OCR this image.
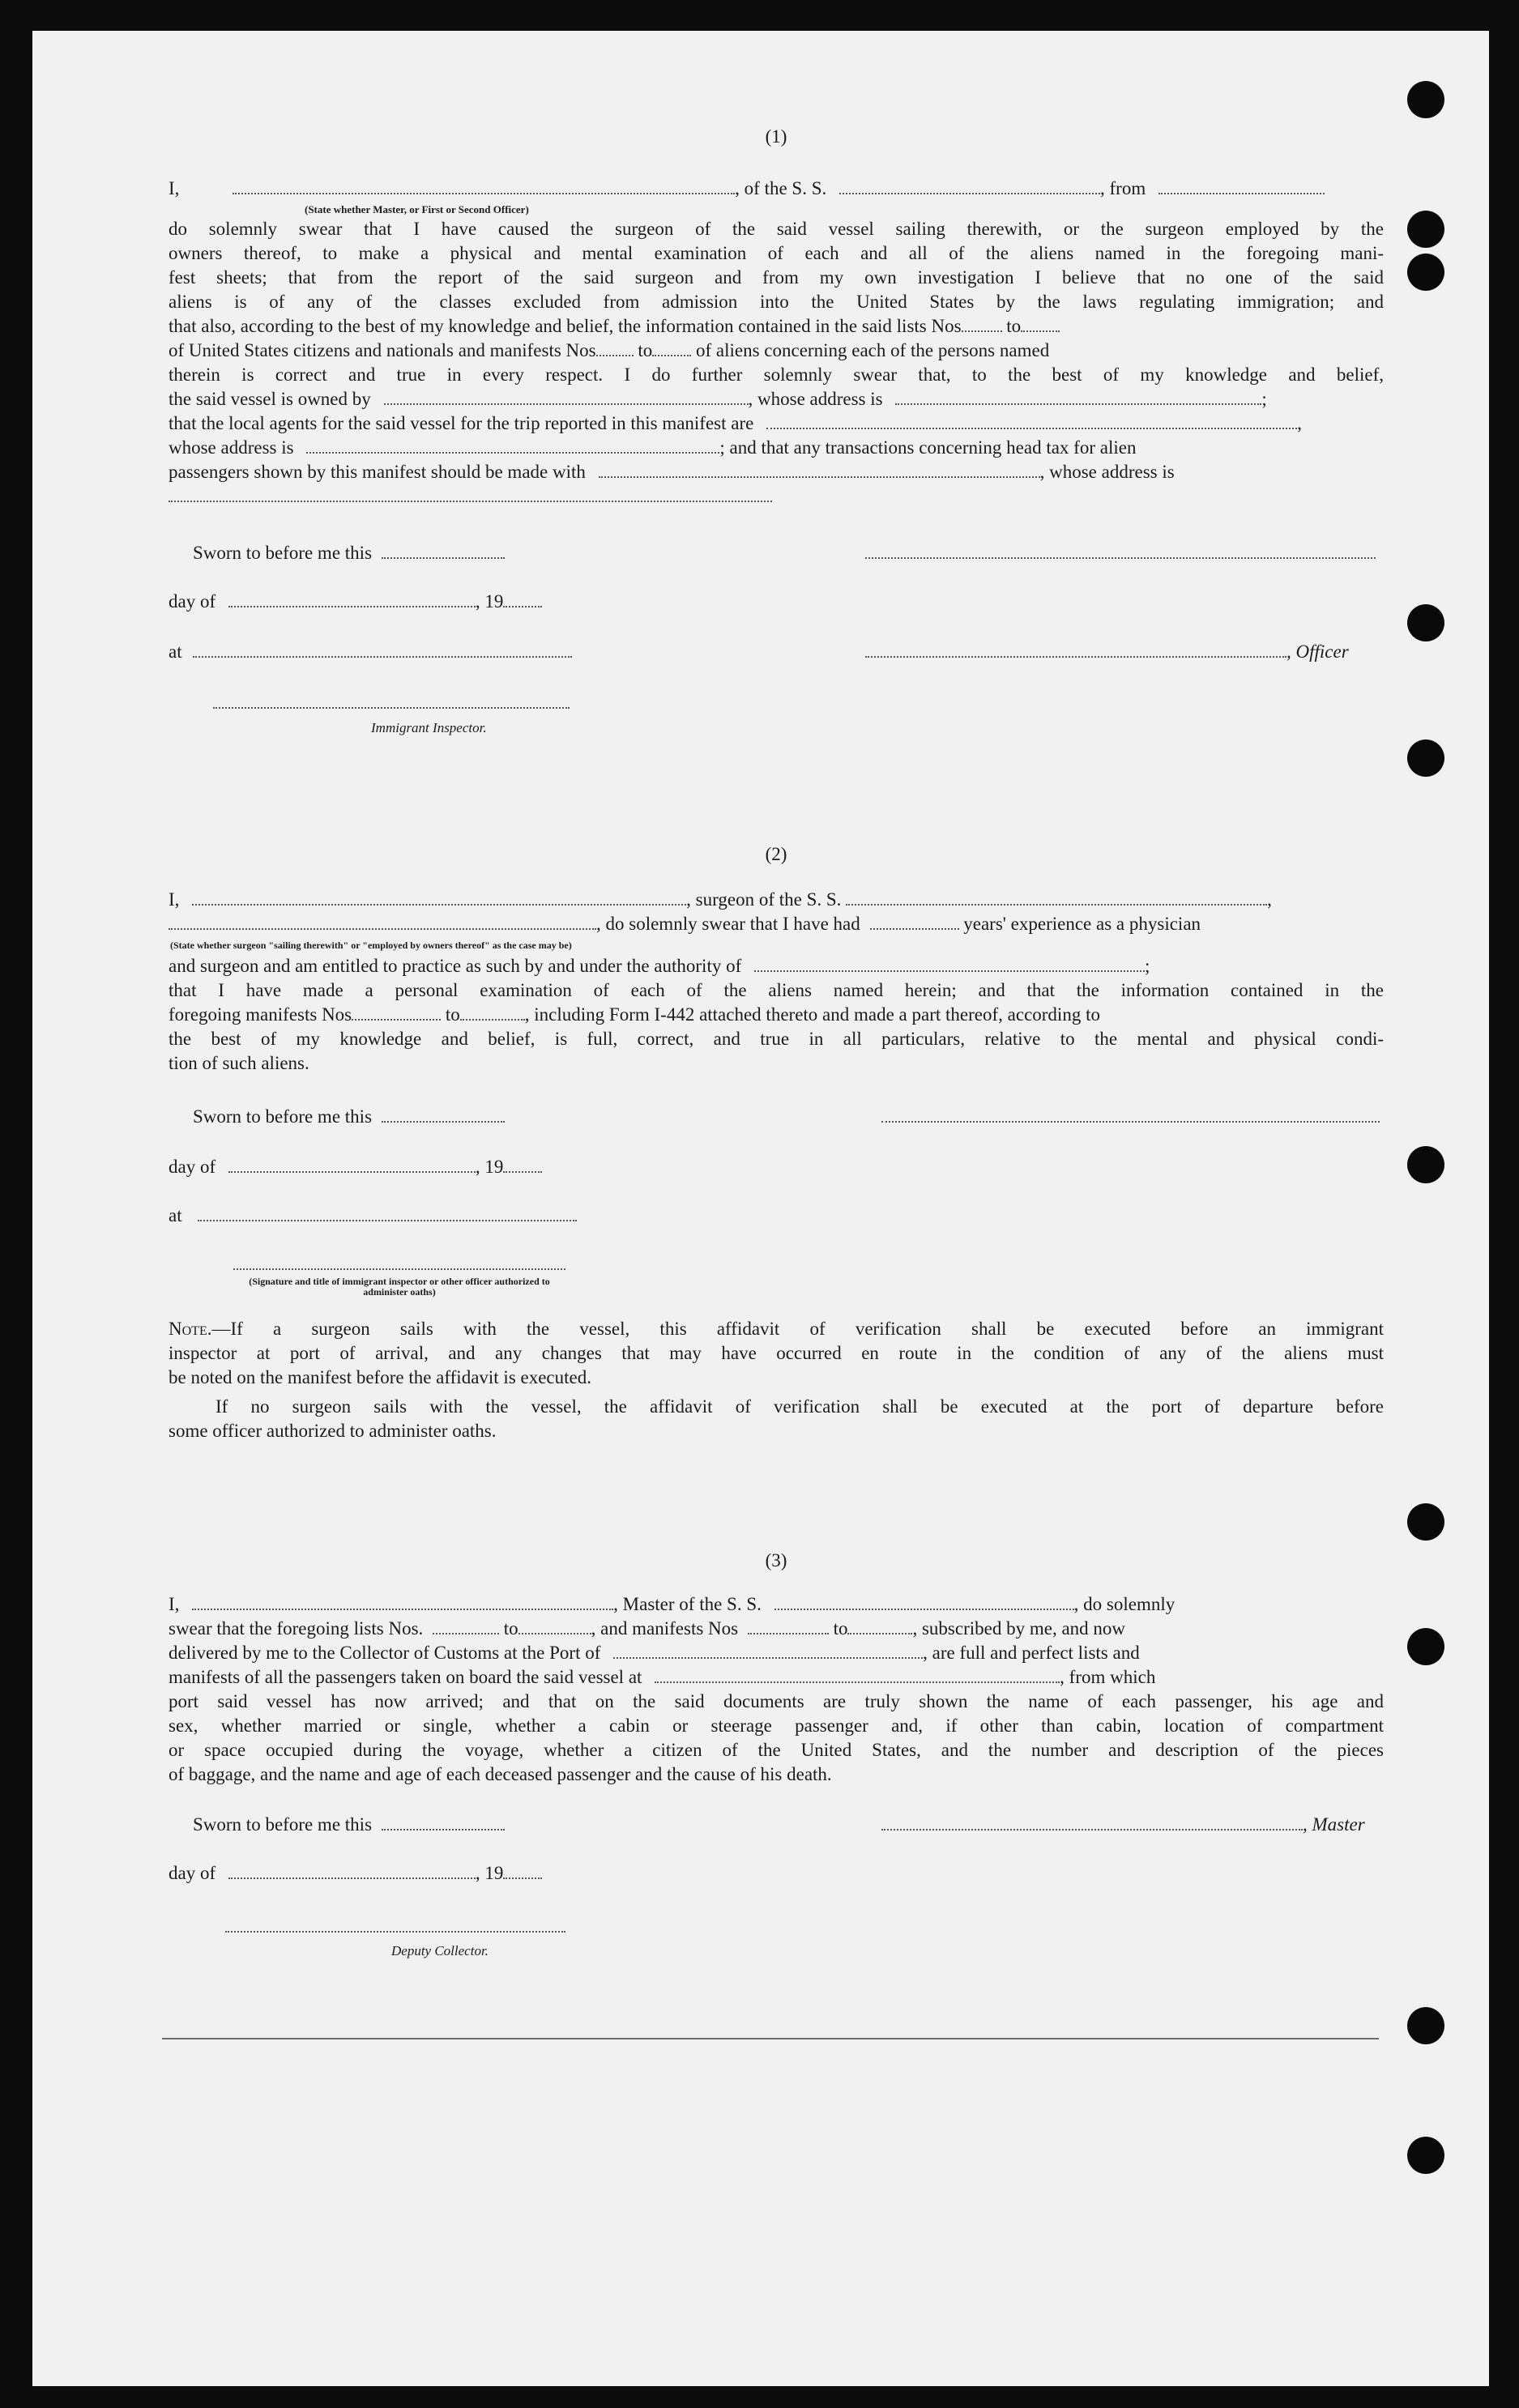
(1)
I,	, of the S. S.	, from
(State whether Master, or First or Second Officer)
do solemnly swear that I have caused the surgeon of the said vessel sailing therewith, or the surgeon employed by the
owners thereof, to make a physical and mental examination of each and all of the aliens named in the foregoing mani-
fest sheets; that from the report of the said surgeon and from my own investigation I believe that no one of the said
aliens is of any of the classes excluded from admission into the United States by the laws regulating immigration; and
that also, according to the best of my knowledge and belief, the information contained in the said lists Nos to
of United States citizens and nationals and manifests Nos to of aliens concerning each of the persons named
therein is correct and true in every respect. I do further solemnly swear that, to the best of my knowledge and belief,
the said vessel is owned by	, whose address is	;
that the local agents for the said vessel for the trip reported in this manifest are	,
whose address is	; and that any transactions concerning head tax for alien
passengers shown by this manifest should be made with	, whose address is
Sworn to before me this
day of	, 19
, Officer
at
Immigrant Inspector.
(2)
I,	, surgeon of the S. S.	,
, do solemnly swear that I have had	years' experience as a physician
(State whether surgeon "sailing therewith" or "employed by owners thereof" as the case may be)
and surgeon and am entitled to practice as such by and under the authority of	;
that I have made a personal examination of each of the aliens named herein; and that the information contained in the
foregoing manifests Nos	to	, including Form I-442 attached thereto and made a part thereof, according to
the best of my knowledge and belief, is full, correct, and true in all particulars, relative to the mental and physical condi-
tion of such aliens.
Sworn to before me this
day of	, 19
at
(Signature and title of immigrant inspector or other officer authorized to administer oaths)
Note.—If a surgeon sails with the vessel, this affidavit of verification shall be executed before an immigrant
inspector at port of arrival, and any changes that may have occurred en route in the condition of any of the aliens must
be noted on the manifest before the affidavit is executed.
If no surgeon sails with the vessel, the affidavit of verification shall be executed at the port of departure before
some officer authorized to administer oaths.
(3)
I,	, Master of the S. S.	, do solemnly
swear that the foregoing lists Nos.	to	, and manifests Nos	to	, subscribed by me, and now
delivered by me to the Collector of Customs at the Port of	, are full and perfect lists and
manifests of all the passengers taken on board the said vessel at	, from which
port said vessel has now arrived; and that on the said documents are truly shown the name of each passenger, his age and
sex, whether married or single, whether a cabin or steerage passenger and, if other than cabin, location of compartment
or space occupied during the voyage, whether a citizen of the United States, and the number and description of the pieces
of baggage, and the name and age of each deceased passenger and the cause of his death.
Sworn to before me this	, Master
day of	, 19
Deputy Collector.
